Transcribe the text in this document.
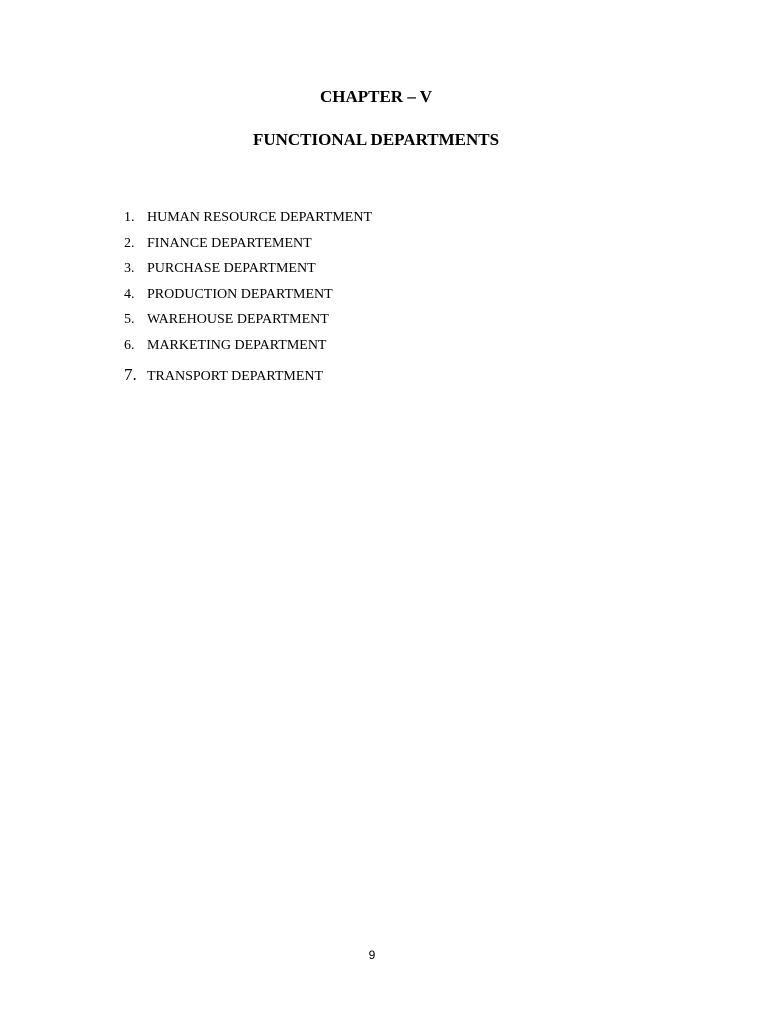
CHAPTER – V
FUNCTIONAL DEPARTMENTS
1. HUMAN RESOURCE DEPARTMENT
2. FINANCE DEPARTEMENT
3. PURCHASE DEPARTMENT
4. PRODUCTION DEPARTMENT
5. WAREHOUSE DEPARTMENT
6. MARKETING DEPARTMENT
7. TRANSPORT DEPARTMENT
9
